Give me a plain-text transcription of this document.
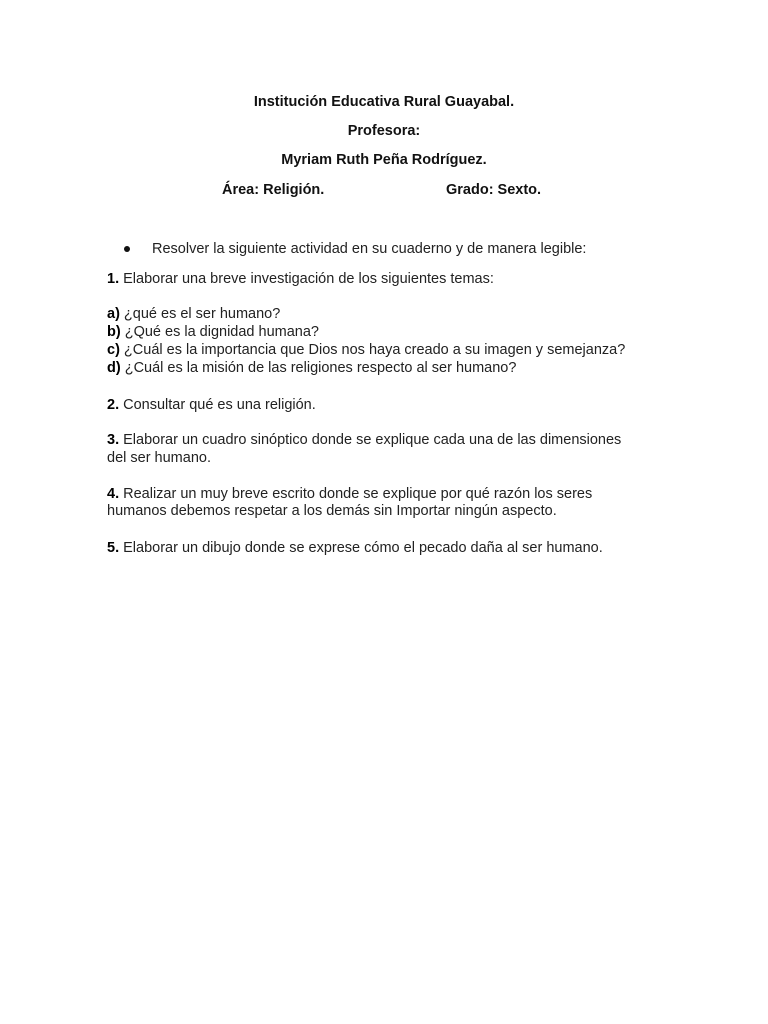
Institución Educativa Rural Guayabal.
Profesora:
Myriam Ruth Peña Rodríguez.
Área: Religión.	Grado: Sexto.
Resolver la siguiente actividad en su cuaderno y de manera legible:
1. Elaborar una breve investigación de los siguientes temas:
a) ¿qué es el ser humano?
b) ¿Qué es la dignidad humana?
c) ¿Cuál es la importancia que Dios nos haya creado a su imagen y semejanza?
d) ¿Cuál es la misión de las religiones respecto al ser humano?
2. Consultar qué es una religión.
3. Elaborar un cuadro sinóptico donde se explique cada una de las dimensiones
del ser humano.
4. Realizar un muy breve escrito donde se explique por qué razón los seres
humanos debemos respetar a los demás sin Importar ningún aspecto.
5. Elaborar un dibujo donde se exprese cómo el pecado daña al ser humano.
